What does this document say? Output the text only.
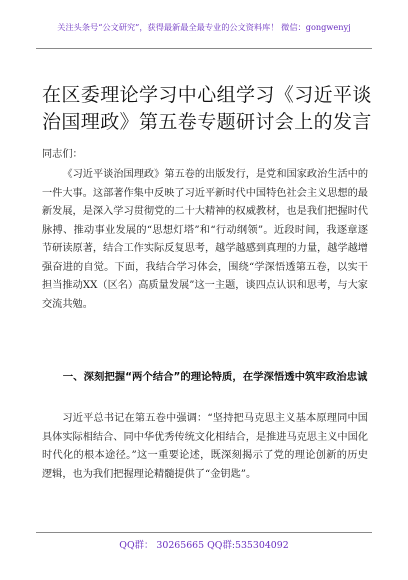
关注头条号“公文研究”，获得最新最全最专业的公文资料库！ 微信：gongwenyj
在区委理论学习中心组学习《习近平谈治国理政》第五卷专题研讨会上的发言

同志们：

《习近平谈治国理政》第五卷的出版发行，是党和国家政治生活中的一件大事。这部著作集中反映了习近平新时代中国特色社会主义思想的最新发展，是深入学习贯彻党的二十大精神的权威教材，也是我们把握时代脉搏、推动事业发展的“思想灯塔”和“行动纲领”。近段时间，我逐章逐节研读原著，结合工作实际反复思考，越学越感到真理的力量，越学越增强奋进的自觉。下面，我结合学习体会，围绕“学深悟透第五卷，以实干担当推动XX（区名）高质量发展”这一主题，谈四点认识和思考，与大家交流共勉。

一、深刻把握“两个结合”的理论特质，在学深悟透中筑牢政治忠诚

习近平总书记在第五卷中强调：“坚持把马克思主义基本原理同中国具体实际相结合、同中华优秀传统文化相结合，是推进马克思主义中国化时代化的根本途径。”这一重要论述，既深刻揭示了党的理论创新的历史逻辑，也为我们把握理论精髓提供了“金钥匙”。

QQ群： 30265665 QQ群:535304092
